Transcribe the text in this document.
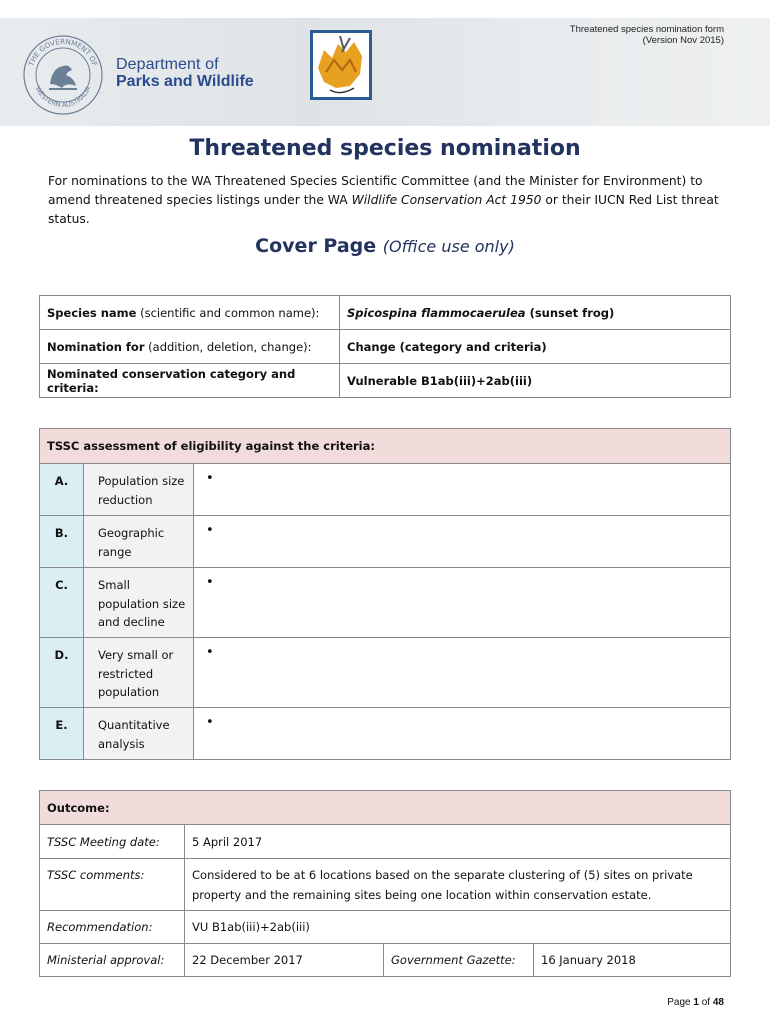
THE GOVERNMENT OF
WESTERN AUSTRALIA
Department of
Parks and Wildlife
Threatened species nomination form
(Version Nov 2015)
Threatened species nomination
For nominations to the WA Threatened Species Scientific Committee (and the Minister for Environment) to amend threatened species listings under the WA Wildlife Conservation Act 1950 or their IUCN Red List threat status.
Cover Page (Office use only)
Species name (scientific and common name):	Spicospina flammocaerulea (sunset frog)
Nomination for (addition, deletion, change):	Change (category and criteria)
Nominated conservation category and criteria:	Vulnerable B1ab(iii)+2ab(iii)
TSSC assessment of eligibility against the criteria:		
A.	Population size reduction	•
B.	Geographic range	•
C.	Small population size and decline	•
D.	Very small or restricted population	•
E.	Quantitative analysis	•
Outcome:			
TSSC Meeting date:	5 April 2017		
TSSC comments:	Considered to be at 6 locations based on the separate clustering of (5) sites on private property and the remaining sites being one location within conservation estate.		
Recommendation:	VU B1ab(iii)+2ab(iii)		
Ministerial approval:	22 December 2017	Government Gazette:	16 January 2018
Page 1 of 48
